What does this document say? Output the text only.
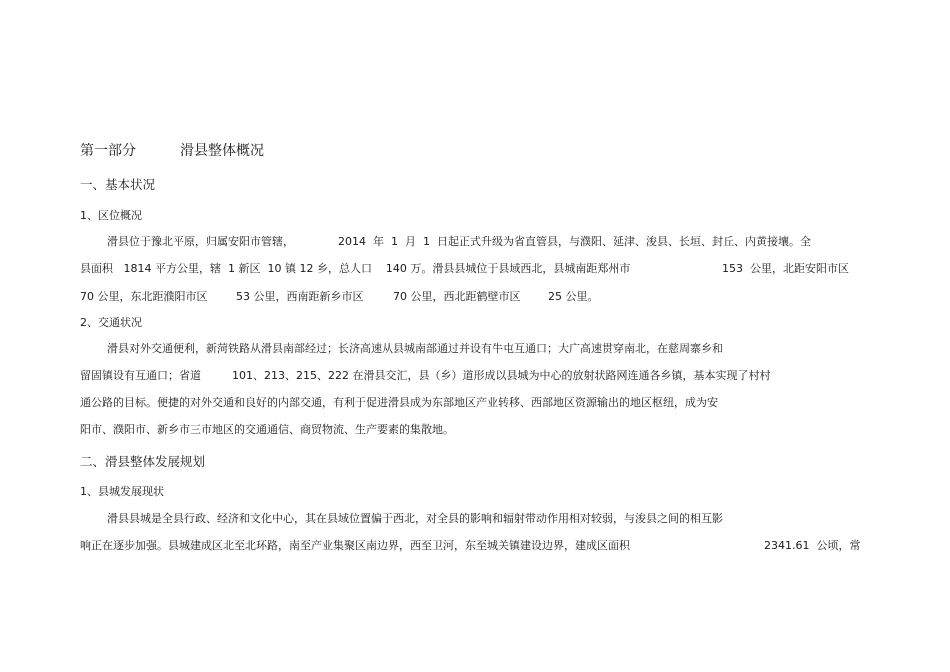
第一部分

	滑县整体概况

一、基本状况

1、区位概况

滑县位于豫北平原，归属安阳市管辖，

	2014  年  1  月  1  日起正式升级为省直管县，与濮阳、延津、浚县、长垣、封丘、内黄接壤。全

县面积   1814 平方公里，辖  1 新区  10 镇 12 乡，总人口    140 万。滑县县城位于县域西北，县城南距郑州市

	153  公里，北距安阳市区

70 公里，东北距濮阳市区

	53 公里，西南距新乡市区

	70 公里，西北距鹤壁市区

	25 公里。

2、交通状况

滑县对外交通便利，新菏铁路从滑县南部经过；长济高速从县城南部通过并设有牛屯互通口；大广高速贯穿南北，在慈周寨乡和

留固镇设有互通口；省道

	101、213、215、222 在滑县交汇，县（乡）道形成以县城为中心的放射状路网连通各乡镇，基本实现了村村

通公路的目标。便捷的对外交通和良好的内部交通，有利于促进滑县成为东部地区产业转移、西部地区资源输出的地区枢纽，成为安

阳市、濮阳市、新乡市三市地区的交通通信、商贸物流、生产要素的集散地。

二、滑县整体发展规划

1、县城发展现状

滑县县城是全县行政、经济和文化中心，其在县域位置偏于西北，对全县的影响和辐射带动作用相对较弱，与浚县之间的相互影

响正在逐步加强。县城建成区北至北环路，南至产业集聚区南边界，西至卫河，东至城关镇建设边界，建成区面积

	2341.61  公顷，常
